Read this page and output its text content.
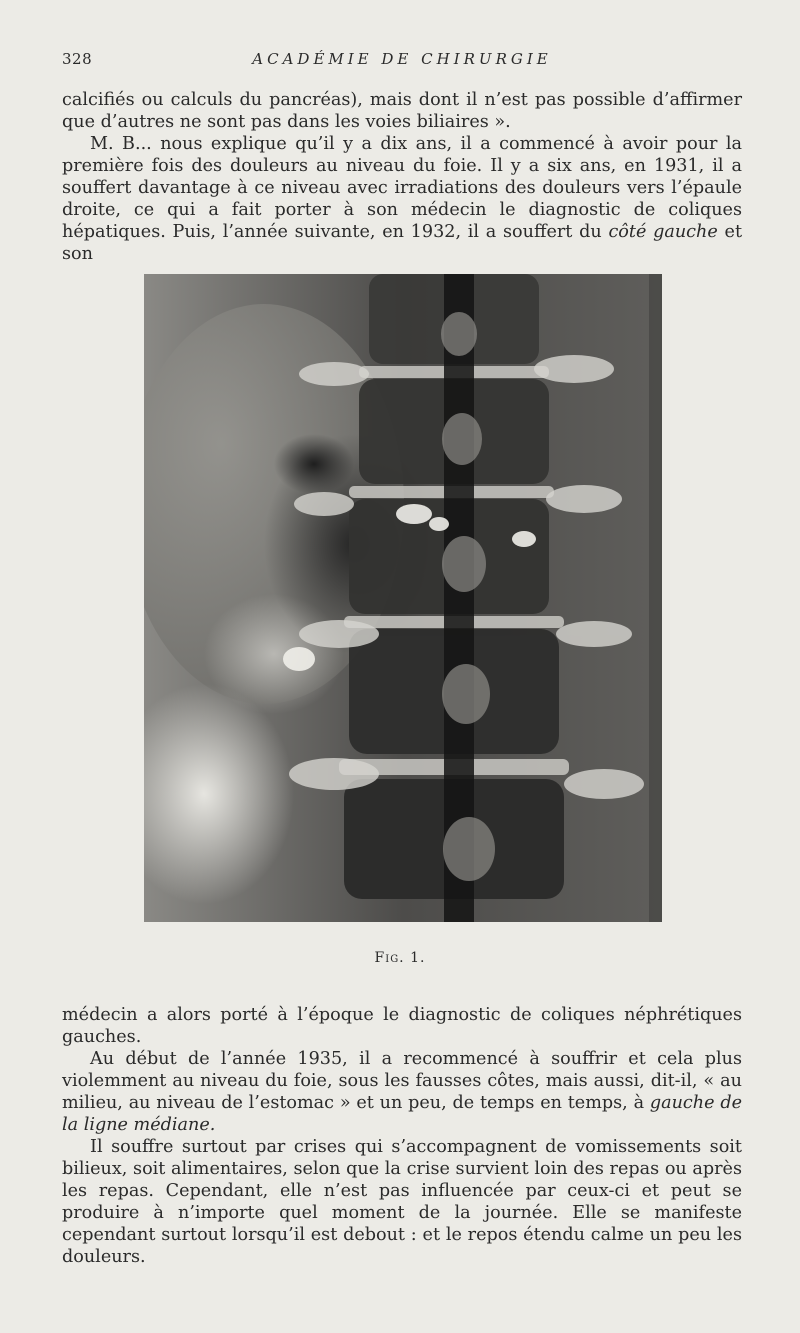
328	ACADÉMIE DE CHIRURGIE

calcifiés ou calculs du pancréas), mais dont il n’est pas possible d’affirmer que d’autres ne sont pas dans les voies biliaires ».

M. B... nous explique qu’il y a dix ans, il a commencé à avoir pour la première fois des douleurs au niveau du foie. Il y a six ans, en 1931, il a souffert davantage à ce niveau avec irradiations des douleurs vers l’épaule droite, ce qui a fait porter à son médecin le diagnostic de coliques hépatiques. Puis, l’année suivante, en 1932, il a souffert du côté gauche et son

Fig. 1.

médecin a alors porté à l’époque le diagnostic de coliques néphrétiques gauches.

Au début de l’année 1935, il a recommencé à souffrir et cela plus violemment au niveau du foie, sous les fausses côtes, mais aussi, dit-il, « au milieu, au niveau de l’estomac » et un peu, de temps en temps, à gauche de la ligne médiane.

Il souffre surtout par crises qui s’accompagnent de vomissements soit bilieux, soit alimentaires, selon que la crise survient loin des repas ou après les repas. Cependant, elle n’est pas influencée par ceux-ci et peut se produire à n’importe quel moment de la journée. Elle se manifeste cependant surtout lorsqu’il est debout : et le repos étendu calme un peu les douleurs.
